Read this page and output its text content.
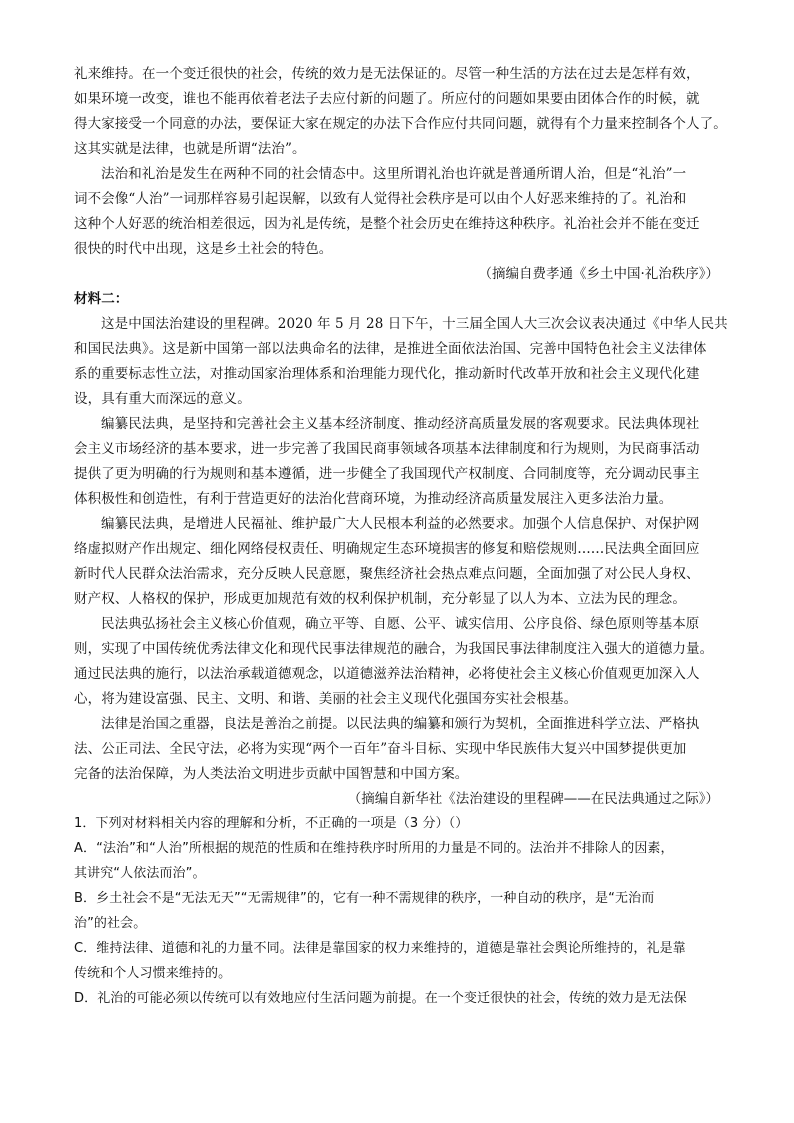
礼来维持。在一个变迁很快的社会，传统的效力是无法保证的。尽管一种生活的方法在过去是怎样有效，
如果环境一改变，谁也不能再依着老法子去应付新的问题了。所应付的问题如果要由团体合作的时候，就
得大家接受一个同意的办法，要保证大家在规定的办法下合作应付共同问题，就得有个力量来控制各个人了。
这其实就是法律，也就是所谓“法治”。
法治和礼治是发生在两种不同的社会情态中。这里所谓礼治也许就是普通所谓人治，但是“礼治”一
词不会像“人治”一词那样容易引起误解，以致有人觉得社会秩序是可以由个人好恶来维持的了。礼治和
这种个人好恶的统治相差很远，因为礼是传统，是整个社会历史在维持这种秩序。礼治社会并不能在变迁
很快的时代中出现，这是乡土社会的特色。
（摘编自费孝通《乡土中国·礼治秩序》）
材料二：
这是中国法治建设的里程碑。2020 年 5 月 28 日下午，十三届全国人大三次会议表决通过《中华人民共
和国民法典》。这是新中国第一部以法典命名的法律，是推进全面依法治国、完善中国特色社会主义法律体
系的重要标志性立法，对推动国家治理体系和治理能力现代化，推动新时代改革开放和社会主义现代化建
设，具有重大而深远的意义。
编纂民法典，是坚持和完善社会主义基本经济制度、推动经济高质量发展的客观要求。民法典体现社
会主义市场经济的基本要求，进一步完善了我国民商事领域各项基本法律制度和行为规则，为民商事活动
提供了更为明确的行为规则和基本遵循，进一步健全了我国现代产权制度、合同制度等，充分调动民事主
体积极性和创造性，有利于营造更好的法治化营商环境，为推动经济高质量发展注入更多法治力量。
编纂民法典，是增进人民福祉、维护最广大人民根本利益的必然要求。加强个人信息保护、对保护网
络虚拟财产作出规定、细化网络侵权责任、明确规定生态环境损害的修复和赔偿规则……民法典全面回应
新时代人民群众法治需求，充分反映人民意愿，聚焦经济社会热点难点问题，全面加强了对公民人身权、
财产权、人格权的保护，形成更加规范有效的权利保护机制，充分彰显了以人为本、立法为民的理念。
民法典弘扬社会主义核心价值观，确立平等、自愿、公平、诚实信用、公序良俗、绿色原则等基本原
则，实现了中国传统优秀法律文化和现代民事法律规范的融合，为我国民事法律制度注入强大的道德力量。
通过民法典的施行，以法治承载道德观念，以道德滋养法治精神，必将使社会主义核心价值观更加深入人
心，将为建设富强、民主、文明、和谐、美丽的社会主义现代化强国夯实社会根基。
法律是治国之重器，良法是善治之前提。以民法典的编纂和颁行为契机，全面推进科学立法、严格执
法、公正司法、全民守法，必将为实现“两个一百年”奋斗目标、实现中华民族伟大复兴中国梦提供更加
完备的法治保障，为人类法治文明进步贡献中国智慧和中国方案。
（摘编自新华社《法治建设的里程碑——在民法典通过之际》）
1．下列对材料相关内容的理解和分析，不正确的一项是（3 分）（）
A．“法治”和“人治”所根据的规范的性质和在维持秩序时所用的力量是不同的。法治并不排除人的因素，
其讲究“人依法而治”。
B．乡土社会不是“无法无天”“无需规律”的，它有一种不需规律的秩序，一种自动的秩序，是“无治而
治”的社会。
C．维持法律、道德和礼的力量不同。法律是靠国家的权力来维持的，道德是靠社会舆论所维持的，礼是靠
传统和个人习惯来维持的。
D．礼治的可能必须以传统可以有效地应付生活问题为前提。在一个变迁很快的社会，传统的效力是无法保
